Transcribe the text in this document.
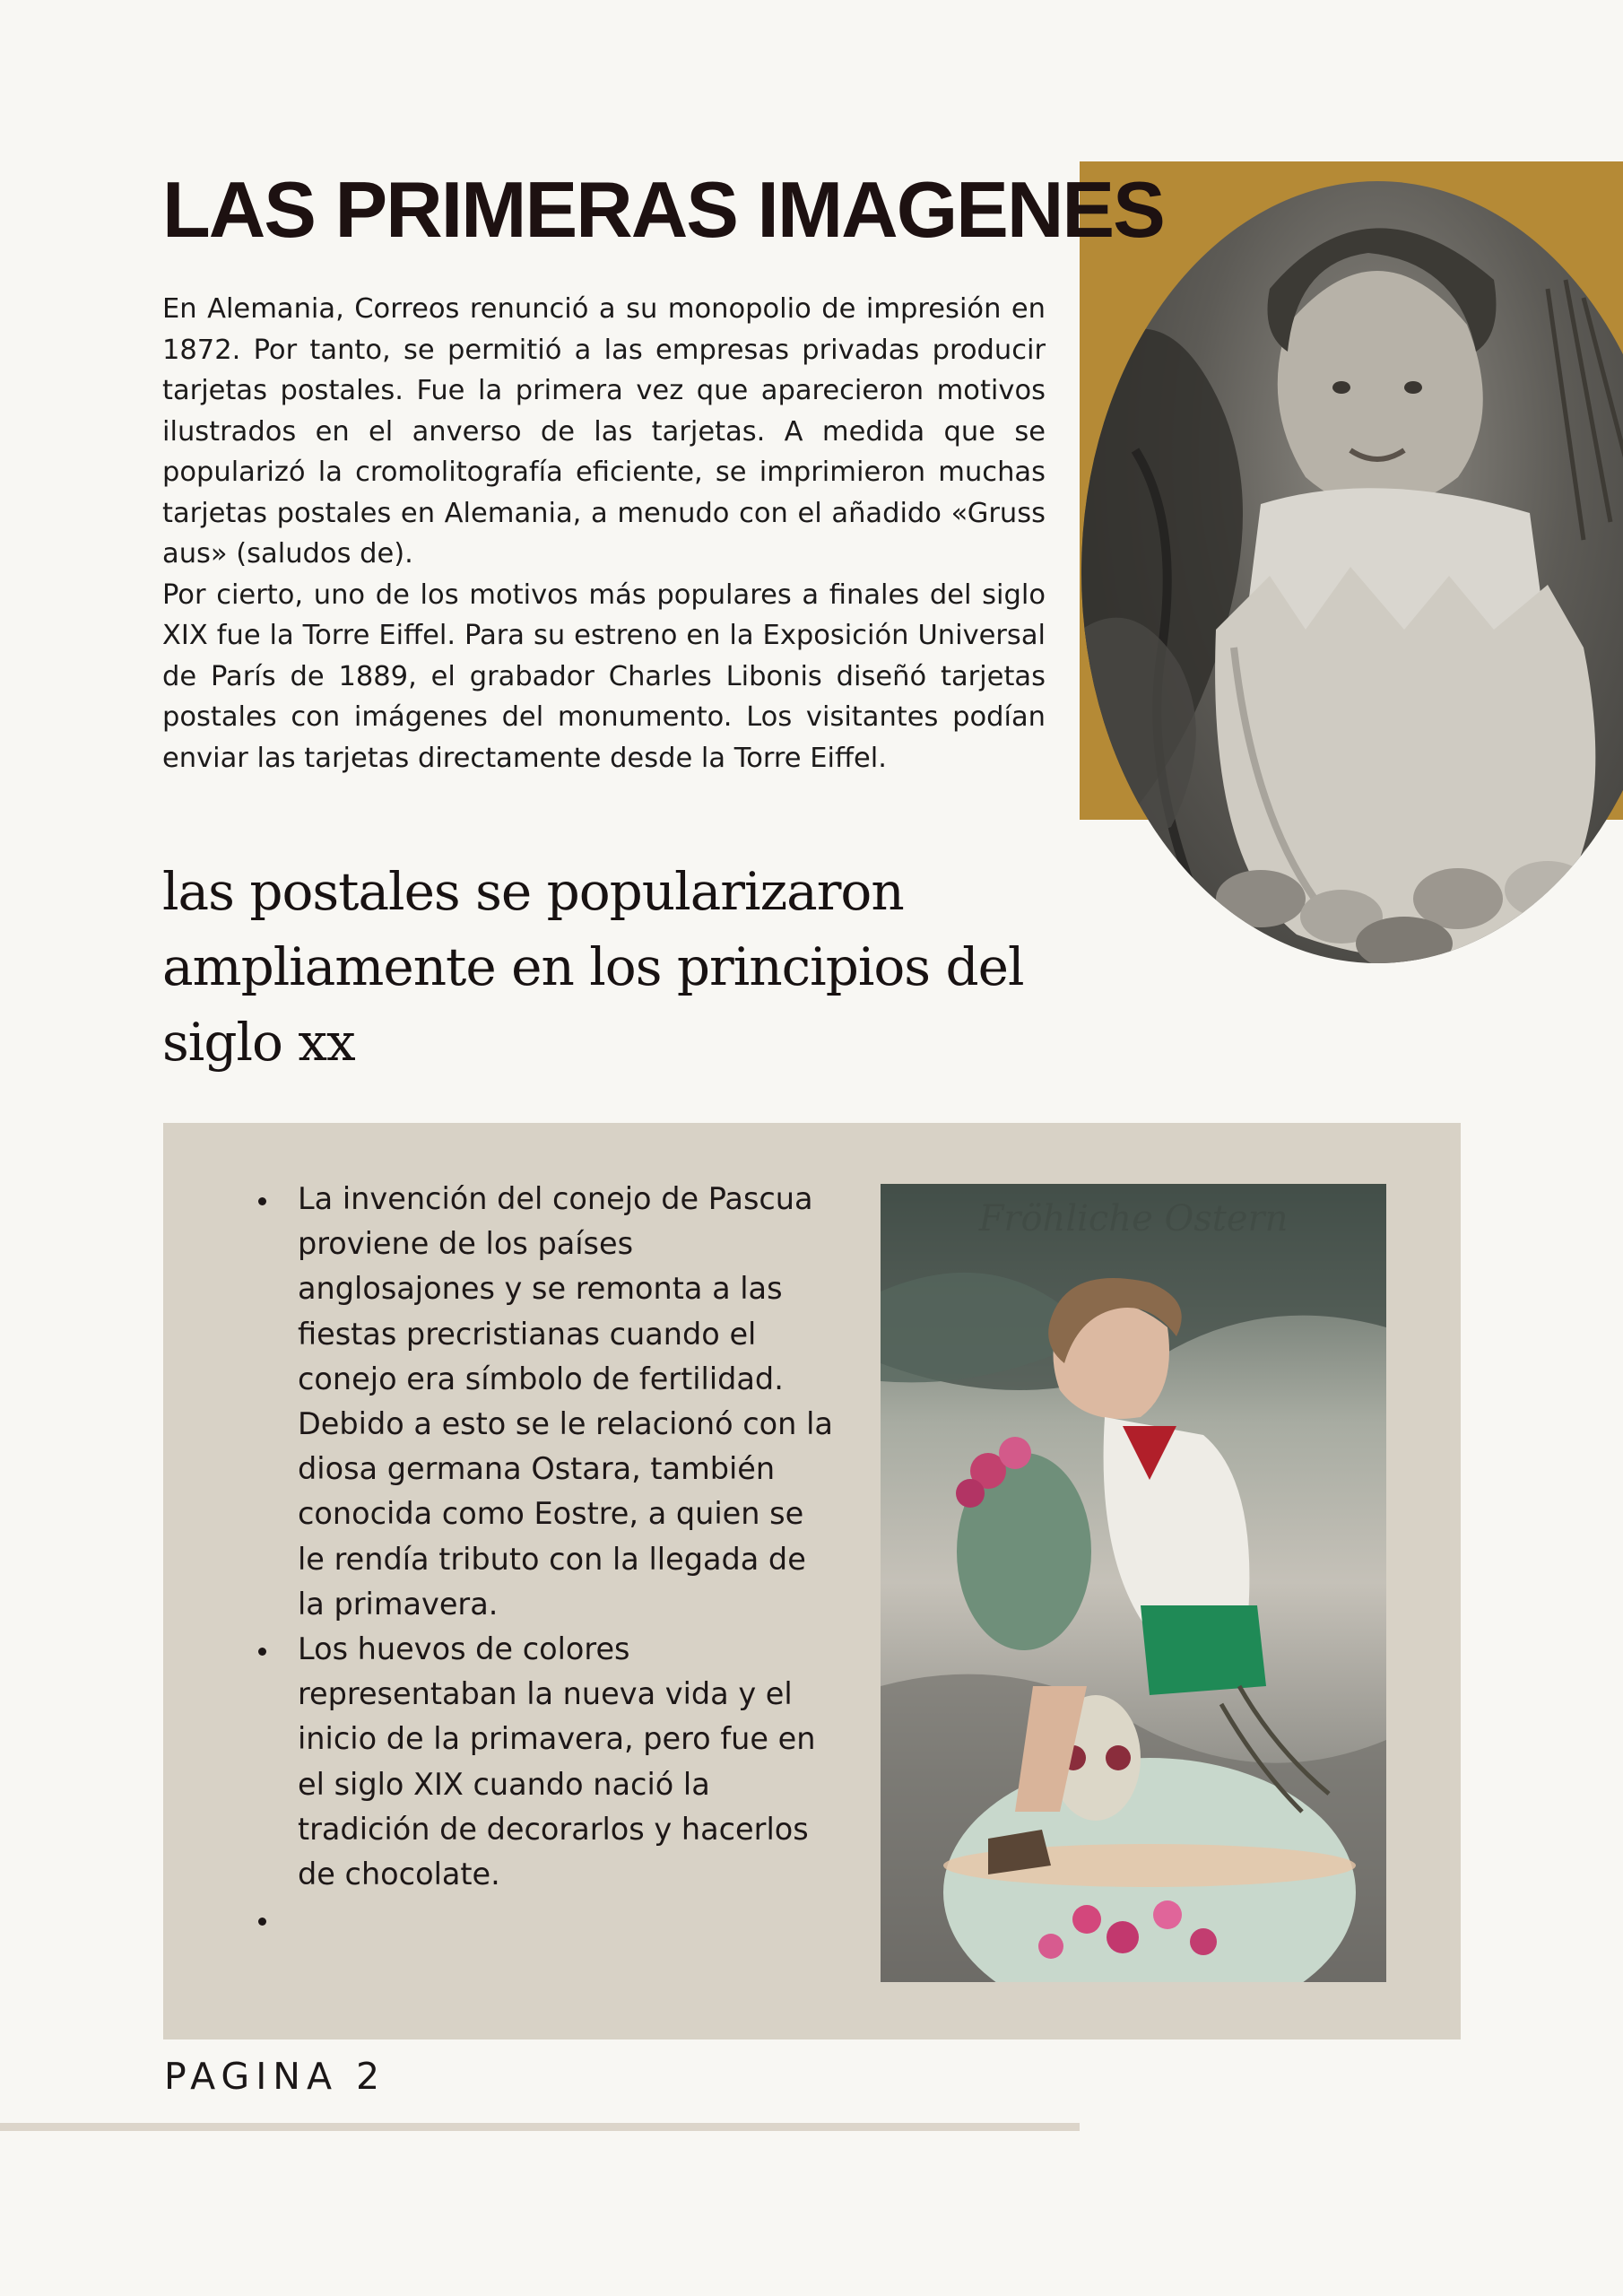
LAS PRIMERAS IMAGENES

En Alemania, Correos renunció a su monopolio de impresión en 1872. Por tanto, se permitió a las empresas privadas producir tarjetas postales. Fue la primera vez que aparecieron motivos ilustrados en el anverso de las tarjetas. A medida que se popularizó la cromolitografía eficiente, se imprimieron muchas tarjetas postales en Alemania, a menudo con el añadido «Gruss aus» (saludos de).

Por cierto, uno de los motivos más populares a finales del siglo XIX fue la Torre Eiffel. Para su estreno en la Exposición Universal de París de 1889, el grabador Charles Libonis diseñó tarjetas postales con imágenes del monumento. Los visitantes podían enviar las tarjetas directamente desde la Torre Eiffel.

las postales se popularizaron ampliamente en los principios del siglo xx
• La invención del conejo de Pascua proviene de los países anglosajones y se remonta a las fiestas precristianas cuando el conejo era símbolo de fertilidad. Debido a esto se le relacionó con la diosa germana Ostara, también conocida como Eostre, a quien se le rendía tributo con la llegada de la primavera.
• Los huevos de colores representaban la nueva vida y el inicio de la primavera, pero fue en el siglo XIX cuando nació la tradición de decorarlos y hacerlos de chocolate.
•

PAGINA 2
